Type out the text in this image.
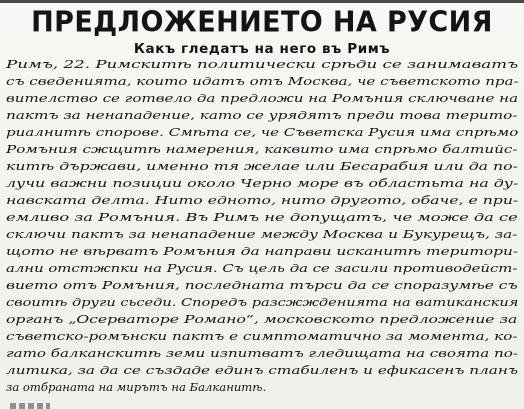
ПРЕДЛОЖЕНИЕТО НА РУСИЯ
Какъ гледатъ на него въ Римъ
Римъ, 22. Римскитѣ политически срѣди се занимаватъ
съ сведенията, които идатъ отъ Москва, че съветското пра-
вителство се готвело да предложи на Ромъния сключване на
пактъ за ненападение, като се урядятъ преди това терито-
риалнитѣ спорове. Смѣта се, че Съветска Русия има спрѣмо
Ромъния сжщитѣ намерения, каквито има спрѣмо балтийс-
китѣ държави, именно тя желае или Бесарабия или да по-
лучи важни позиции около Черно море въ областьта на ду-
навската делта. Нито едното, нито другото, обаче, е при-
емливо за Ромъния. Въ Римъ не допущатъ, че може да се
сключи пактъ за ненападение между Москва и Букурещъ, за-
щото не вѣрватъ Ромъния да направи исканитѣ територи-
ални отстжпки на Русия. Съ цель да се засили противодейст-
вието отъ Ромъния, последната търси да се споразумѣе съ
своитѣ други сьседи. Споредъ разсжжденията на ватиканския
органъ „Осерваторе Романо“, московското предложение за
съветско-ромънски пактъ е симптоматично за момента, ко-
гато балканскитѣ земи изпитватъ гледищата на своята по-
литика, за да се създаде единъ стабиленъ и ефикасенъ планъ
за отбраната на мирътъ на Балканитѣ.
